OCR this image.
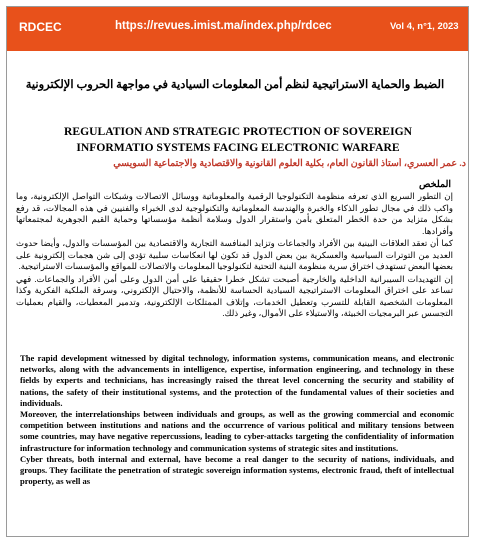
RDCEC	https://revues.imist.ma/index.php/rdcec	Vol 4, n°1, 2023
الضبط والحماية الاستراتيجية لنظم أمن المعلومات السيادية في مواجهة الحروب الإلكترونية
REGULATION AND STRATEGIC PROTECTION OF SOVEREIGN INFORMATIO SYSTEMS FACING ELECTRONIC WARFARE
د. عمر العسري، أستاذ القانون العام، بكلية العلوم القانونية والاقتصادية والاجتماعية السويسي
الملخص

إن التطور السريع الذي تعرفه منظومة التكنولوجيا الرقمية والمعلوماتية ووسائل الاتصالات وشبكات التواصل الإلكترونية، وما واكب ذلك في مجال تطور الذكاء والخبرة والهندسة المعلوماتية والتكنولوجية لدى الخبراء والفنيين في هذه المجالات، قد رفع بشكل متزايد من حدة الخطر المتعلق بأمن واستقرار الدول وسلامة أنظمة مؤسساتها وحماية القيم الجوهرية لمجتمعاتها وأفرادها.

كما أن تعقد العلاقات البينية بين الأفراد والجماعات وتزايد المنافسة التجارية والاقتصادية بين المؤسسات والدول، وأيضا حدوث العديد من التوترات السياسية والعسكرية بين بعض الدول قد تكون لها انعكاسات سلبية تؤدي إلى شن هجمات إلكترونية على بعضها البعض تستهدف اختراق سرية منظومة البنية التحتية لتكنولوجيا المعلومات والاتصالات للمواقع والمؤسسات الاستراتيجية.

إن التهديدات السيبرانية الداخلية والخارجية أصبحت تشكل خطرا حقيقيا على أمن الدول وعلى أمن الأفراد والجماعات. فهي تساعد على اختراق المعلومات الاستراتيجية السيادية الحساسة للأنظمة، والاحتيال الإلكتروني، وسرقة الملكية الفكرية وكذا المعلومات الشخصية القابلة للتسرب وتعطيل الخدمات، وإتلاف الممتلكات الإلكترونية، وتدمير المعطيات، والقيام بعمليات التجسس عبر البرمجيات الخبيثة، والاستيلاء على الأموال، وغير ذلك.

The rapid development witnessed by digital technology, information systems, communication means, and electronic networks, along with the advancements in intelligence, expertise, information engineering, and technology in these fields by experts and technicians, has increasingly raised the threat level concerning the security and stability of nations, the safety of their institutional systems, and the protection of the fundamental values of their societies and individuals.

Moreover, the interrelationships between individuals and groups, as well as the growing commercial and economic competition between institutions and nations and the occurrence of various political and military tensions between some countries, may have negative repercussions, leading to cyber-attacks targeting the confidentiality of information infrastructure for information technology and communication systems of strategic sites and institutions.

Cyber threats, both internal and external, have become a real danger to the security of nations, individuals, and groups. They facilitate the penetration of strategic sovereign information systems, electronic fraud, theft of intellectual property, as well as
